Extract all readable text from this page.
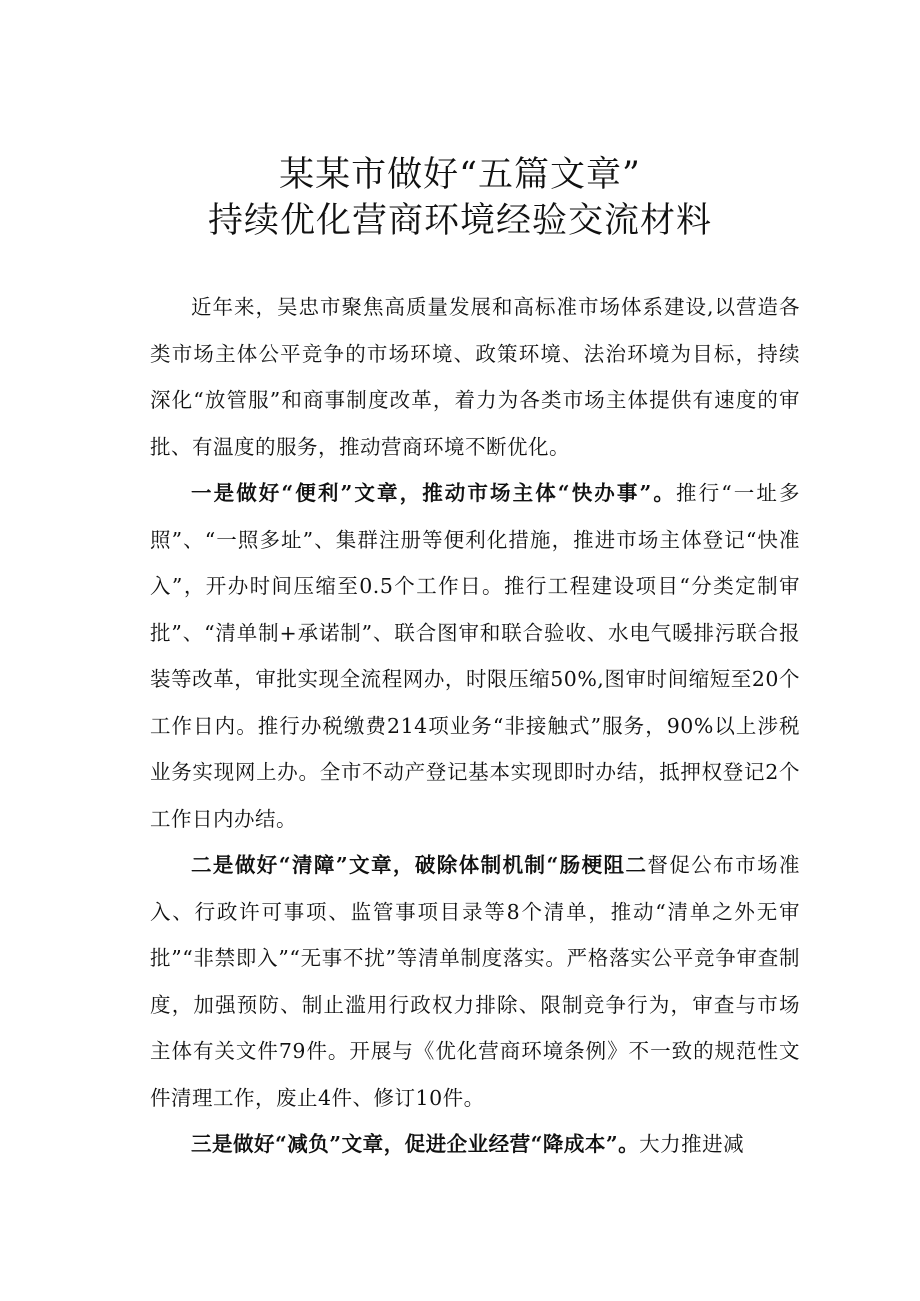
某某市做好“五篇文章”
持续优化营商环境经验交流材料

近年来，吴忠市聚焦高质量发展和高标准市场体系建设,以营造各类市场主体公平竞争的市场环境、政策环境、法治环境为目标，持续深化“放管服”和商事制度改革，着力为各类市场主体提供有速度的审批、有温度的服务，推动营商环境不断优化。

一是做好“便利”文章，推动市场主体“快办事”。推行“一址多照”、“一照多址”、集群注册等便利化措施，推进市场主体登记“快准入”，开办时间压缩至0.5个工作日。推行工程建设项目“分类定制审批”、“清单制+承诺制”、联合图审和联合验收、水电气暖排污联合报装等改革，审批实现全流程网办，时限压缩50%,图审时间缩短至20个工作日内。推行办税缴费214项业务“非接触式”服务，90%以上涉税业务实现网上办。全市不动产登记基本实现即时办结，抵押权登记2个工作日内办结。

二是做好“清障”文章，破除体制机制“肠梗阻二督促公布市场准入、行政许可事项、监管事项目录等8个清单，推动“清单之外无审批”“非禁即入”“无事不扰”等清单制度落实。严格落实公平竞争审查制度，加强预防、制止滥用行政权力排除、限制竞争行为，审查与市场主体有关文件79件。开展与《优化营商环境条例》不一致的规范性文件清理工作，废止4件、修订10件。

三是做好“减负”文章，促进企业经营“降成本”。大力推进减
